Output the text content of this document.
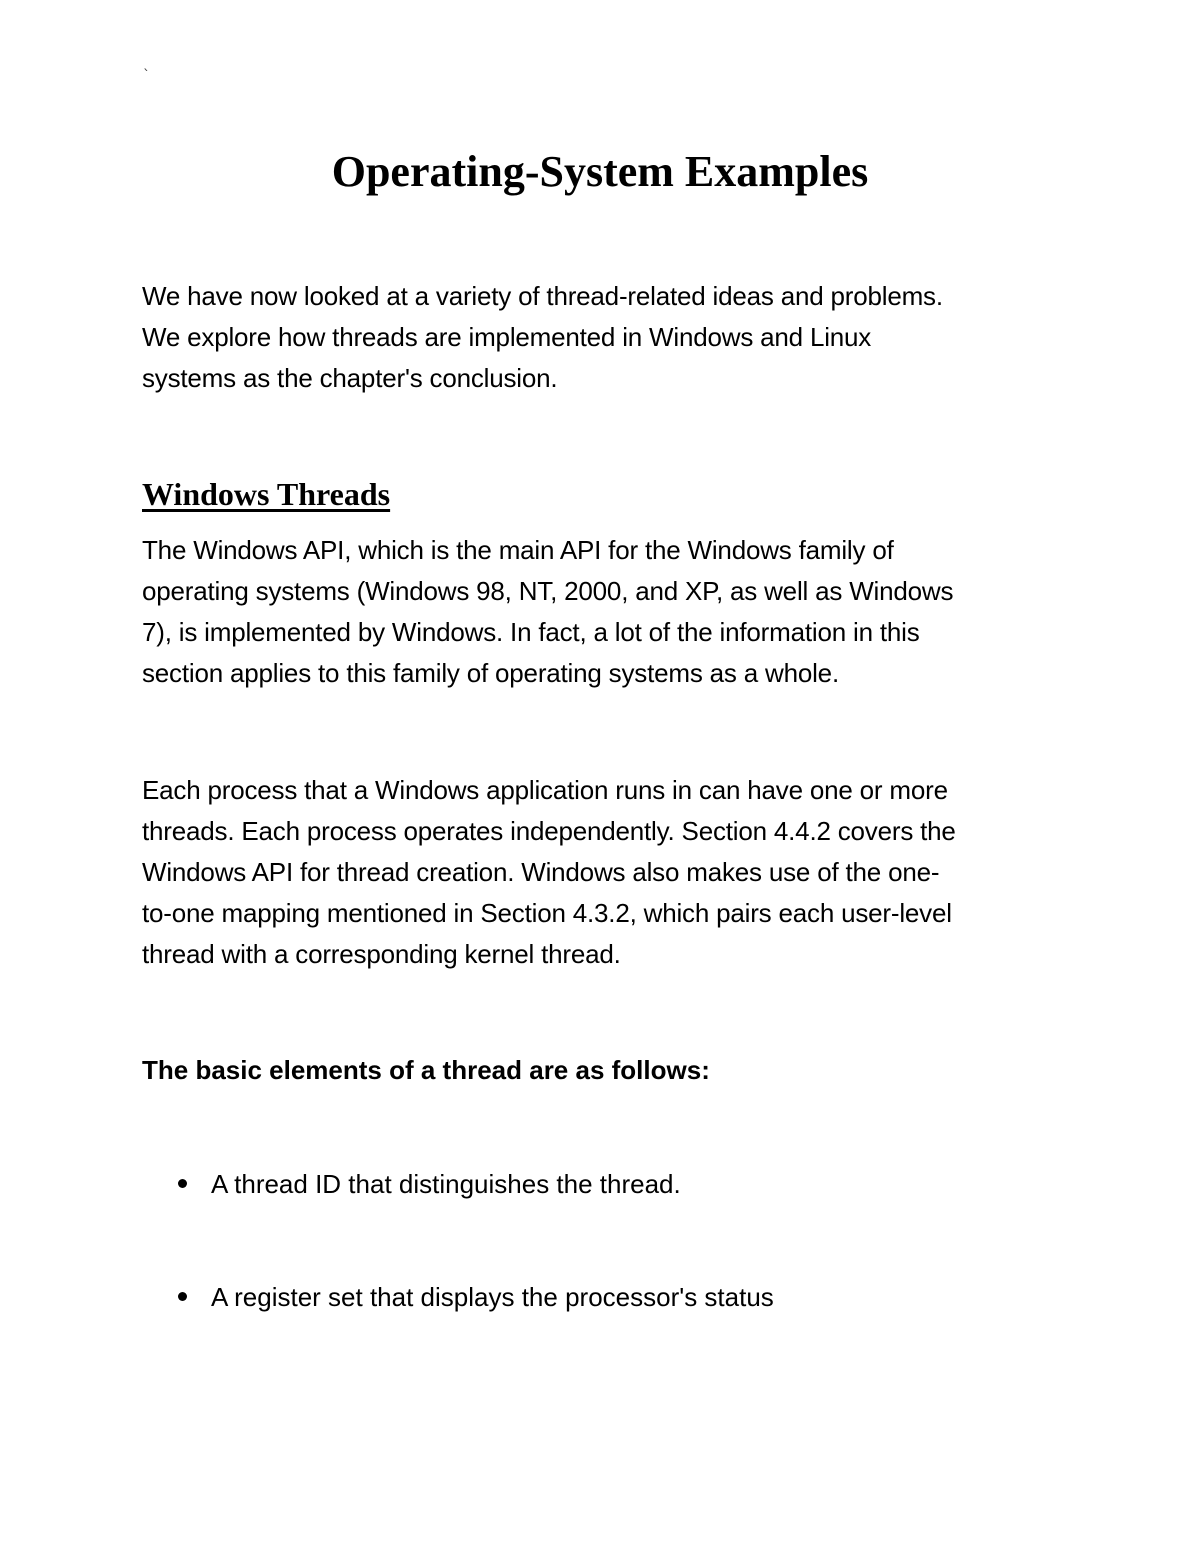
`
Operating-System Examples

We have now looked at a variety of thread-related ideas and problems.
We explore how threads are implemented in Windows and Linux
systems as the chapter's conclusion.

Windows Threads

The Windows API, which is the main API for the Windows family of
operating systems (Windows 98, NT, 2000, and XP, as well as Windows
7), is implemented by Windows. In fact, a lot of the information in this
section applies to this family of operating systems as a whole.

Each process that a Windows application runs in can have one or more
threads. Each process operates independently. Section 4.4.2 covers the
Windows API for thread creation. Windows also makes use of the one-
to-one mapping mentioned in Section 4.3.2, which pairs each user-level
thread with a corresponding kernel thread.

The basic elements of a thread are as follows:

A thread ID that distinguishes the thread.
A register set that displays the processor's status
